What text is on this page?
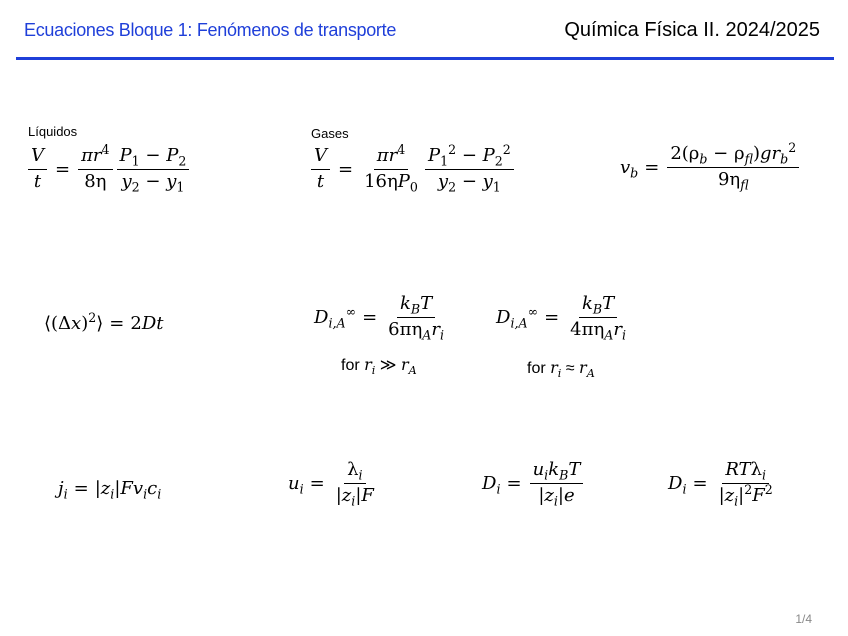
Ecuaciones Bloque 1: Fenómenos de transporte	Química Física II. 2024/2025
Líquidos	Gases
$\frac{V}{t} = \frac{\pi r^4}{8\eta} \frac{P_1 - P_2}{y_2 - y_1}$	$\frac{V}{t} = \frac{\pi r^4}{16\eta P_0} \frac{P_1^2 - P_2^2}{y_2 - y_1}$	$v_b = \frac{2(\rho_b - \rho_{fl})gr_b^2}{9\eta_{fl}}$
$⟨(\Delta x)^2⟩ = 2Dt$	$D_{i,A}^\infty = \frac{k_BT}{6\pi\eta_Ar_i}$
for $r_i$ ≫ $r_A$
$D_{i,A}^\infty = \frac{k_BT}{4\pi\eta_Ar_i}$
for $r_i \approx r_A$
$j_i = |z_i|Fv_ic_i$
$u_i = \frac{\lambda_i}{|z_i|F}$	$D_i = \frac{u_ik_BT}{|z_i|e}$	$D_i = \frac{RT\lambda_i}{|z_i|^2F^2}$
1/4
